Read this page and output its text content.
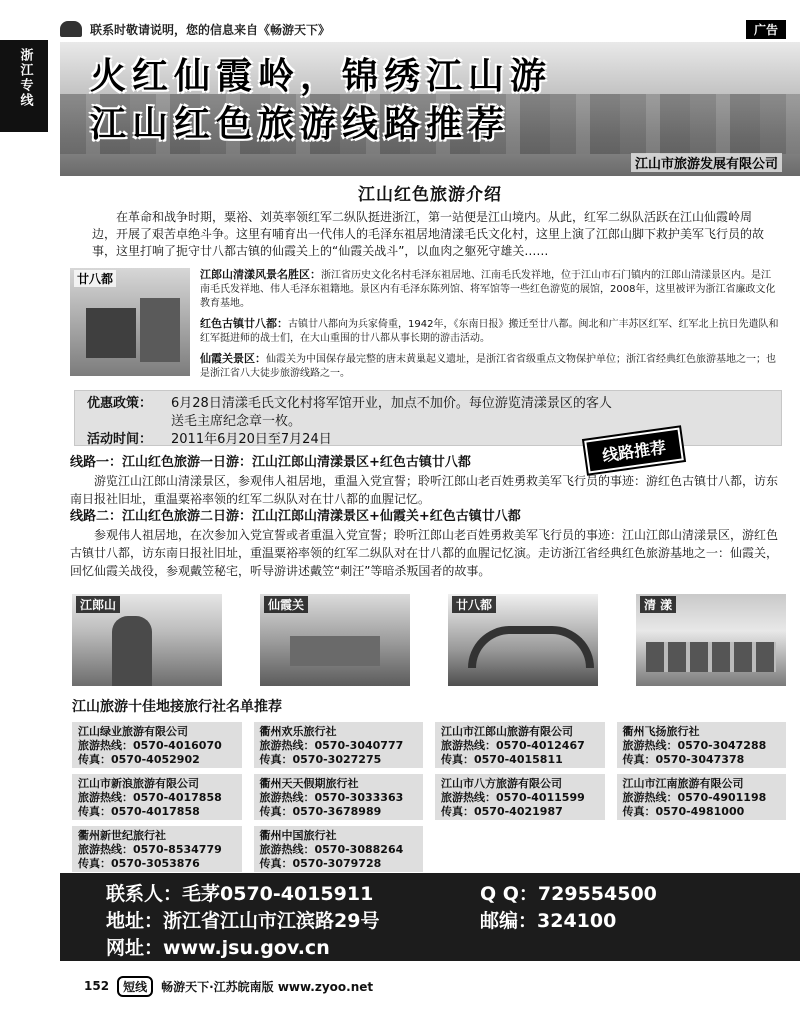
联系时敬请说明，您的信息来自《畅游天下》	广告
浙江
专线 火红仙霞岭，锦绣江山游
江山红色旅游线路推荐
江山市旅游发展有限公司
江山红色旅游介绍

在革命和战争时期，粟裕、刘英率领红军二纵队挺进浙江，第一站便是江山境内。从此，红军二纵队活跃在江山仙霞岭周边，开展了艰苦卓绝斗争。这里有哺育出一代伟人的毛泽东祖居地清漾毛氏文化村，这里上演了江郎山脚下救护美军飞行员的故事，这里打响了扼守廿八都古镇的仙霞关上的“仙霞关战斗”，以血肉之躯死守雄关……

廿八都	江郎山清漾风景名胜区：浙江省历史文化名村毛泽东祖居地、江南毛氏发祥地，位于江山市石门镇内的江郎山清漾景区内。是江南毛氏发祥地、伟人毛泽东祖籍地。景区内有毛泽东陈列馆、将军馆等一些红色游览的展馆，2008年，这里被评为浙江省廉政文化教育基地。

红色古镇廿八都：古镇廿八都向为兵家倚重，1942年，《东南日报》搬迁至廿八都。闽北和广丰苏区红军、红军北上抗日先遣队和红军挺进师的战士们，在大山重围的廿八都从事长期的游击活动。

仙霞关景区：仙霞关为中国保存最完整的唐末黄巢起义遗址，是浙江省省级重点文物保护单位；浙江省经典红色旅游基地之一；也是浙江省八大徒步旅游线路之一。

优惠政策：	6月28日清漾毛氏文化村将军馆开业，加点不加价。每位游览清漾景区的客人
送毛主席纪念章一枚。
活动时间：	2011年6月20日至7月24日
线路一：江山红色旅游一日游：江山江郎山清漾景区+红色古镇廿八都
游览江山江郎山清漾景区，参观伟人祖居地，重温入党宣誓；聆听江郎山老百姓勇救美军飞行员的事迹：游红色古镇廿八都，访东南日报社旧址，重温粟裕率领的红军二纵队对在廿八都的血腥记忆。
线路二：江山红色旅游二日游：江山江郎山清漾景区+仙霞关+红色古镇廿八都
参观伟人祖居地，在次参加入党宣誓或者重温入党宣誓；聆听江郎山老百姓勇救美军飞行员的事迹：江山江郎山清漾景区，游红色古镇廿八都，访东南日报社旧址，重温粟裕率领的红军二纵队对在廿八都的血腥记忆演。走访浙江省经典红色旅游基地之一：仙霞关，回忆仙霞关战役，参观戴笠秘宅，听导游讲述戴笠“刺汪”等暗杀叛国者的故事。
江郎山	仙霞关	廿八都	清 漾
江山旅游十佳地接旅行社名单推荐
江山绿业旅游有限公司
旅游热线：0570-4016070
传真：0570-4052902
衢州欢乐旅行社
旅游热线：0570-3040777
传真：0570-3027275
江山市江郎山旅游有限公司
旅游热线：0570-4012467
传真：0570-4015811
衢州飞扬旅行社
旅游热线：0570-3047288
传真：0570-3047378
江山市新浪旅游有限公司
旅游热线：0570-4017858
传真：0570-4017858
衢州天天假期旅行社
旅游热线：0570-3033363
传真：0570-3678989
江山市八方旅游有限公司
旅游热线：0570-4011599
传真：0570-4021987
江山市江南旅游有限公司
旅游热线：0570-4901198
传真：0570-4981000
衢州新世纪旅行社
旅游热线：0570-8534779
传真：0570-3053876
衢州中国旅行社
旅游热线：0570-3088264
传真：0570-3079728
线路推荐
联系人：毛茅0570-4015911	Q Q：729554500
地址：浙江省江山市江滨路29号	邮编：324100
网址：www.jsu.gov.cn
152	短线	畅游天下·江苏皖南版 www.zyoo.net
